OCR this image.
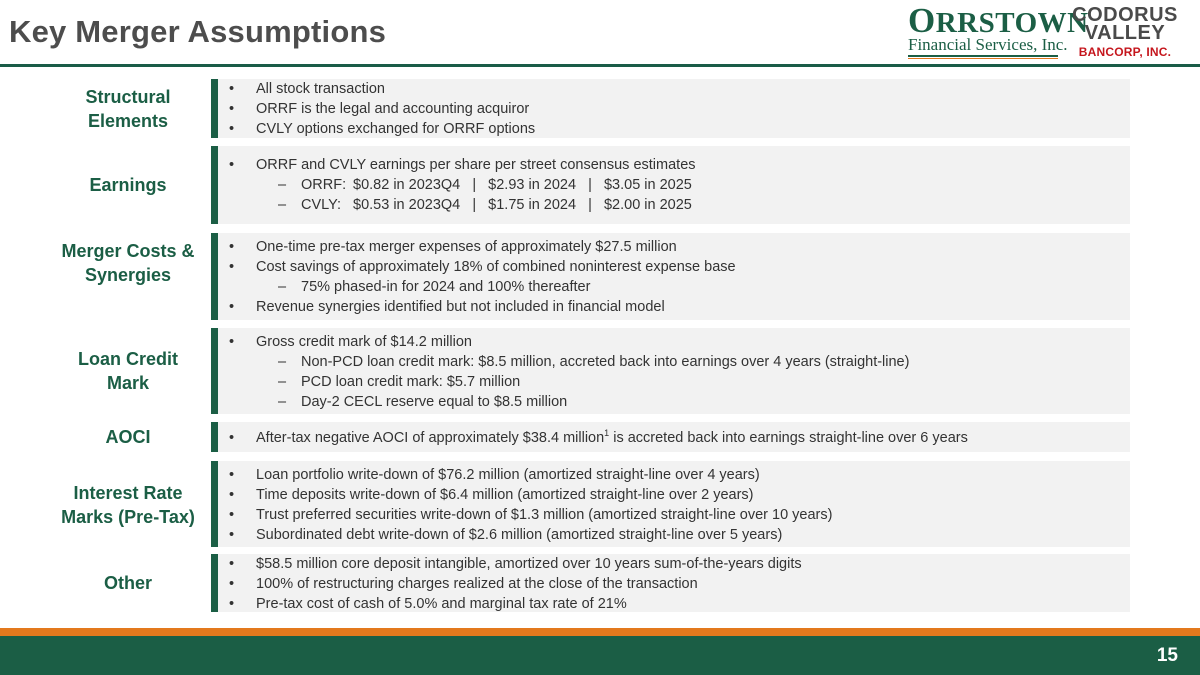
Key Merger Assumptions	ORRSTOWN
Financial Services, Inc.
CODORUS
VALLEY
BANCORP, INC.
Structural Elements
• All stock transaction
• ORRF is the legal and accounting acquiror
• CVLY options exchanged for ORRF options
Earnings
• ORRF and CVLY earnings per share per street consensus estimates
– ORRF: $0.82 in 2023Q4   |   $2.93 in 2024   |   $3.05 in 2025
– CVLY: $0.53 in 2023Q4   |   $1.75 in 2024   |   $2.00 in 2025
Merger Costs & Synergies
• One-time pre-tax merger expenses of approximately $27.5 million
• Cost savings of approximately 18% of combined noninterest expense base
– 75% phased-in for 2024 and 100% thereafter
• Revenue synergies identified but not included in financial model
Loan Credit Mark
• Gross credit mark of $14.2 million
– Non-PCD loan credit mark: $8.5 million, accreted back into earnings over 4 years (straight-line)
– PCD loan credit mark: $5.7 million
– Day-2 CECL reserve equal to $8.5 million
AOCI
•	After-tax negative AOCI of approximately $38.4 million$^1$ is accreted back into earnings straight-line over 6 years
Interest Rate Marks (Pre-Tax)
• Loan portfolio write-down of $76.2 million (amortized straight-line over 4 years)
• Time deposits write-down of $6.4 million (amortized straight-line over 2 years)
• Trust preferred securities write-down of $1.3 million (amortized straight-line over 10 years)
• Subordinated debt write-down of $2.6 million (amortized straight-line over 5 years)
Other
• $58.5 million core deposit intangible, amortized over 10 years sum-of-the-years digits
• 100% of restructuring charges realized at the close of the transaction
• Pre-tax cost of cash of 5.0% and marginal tax rate of 21%
15
